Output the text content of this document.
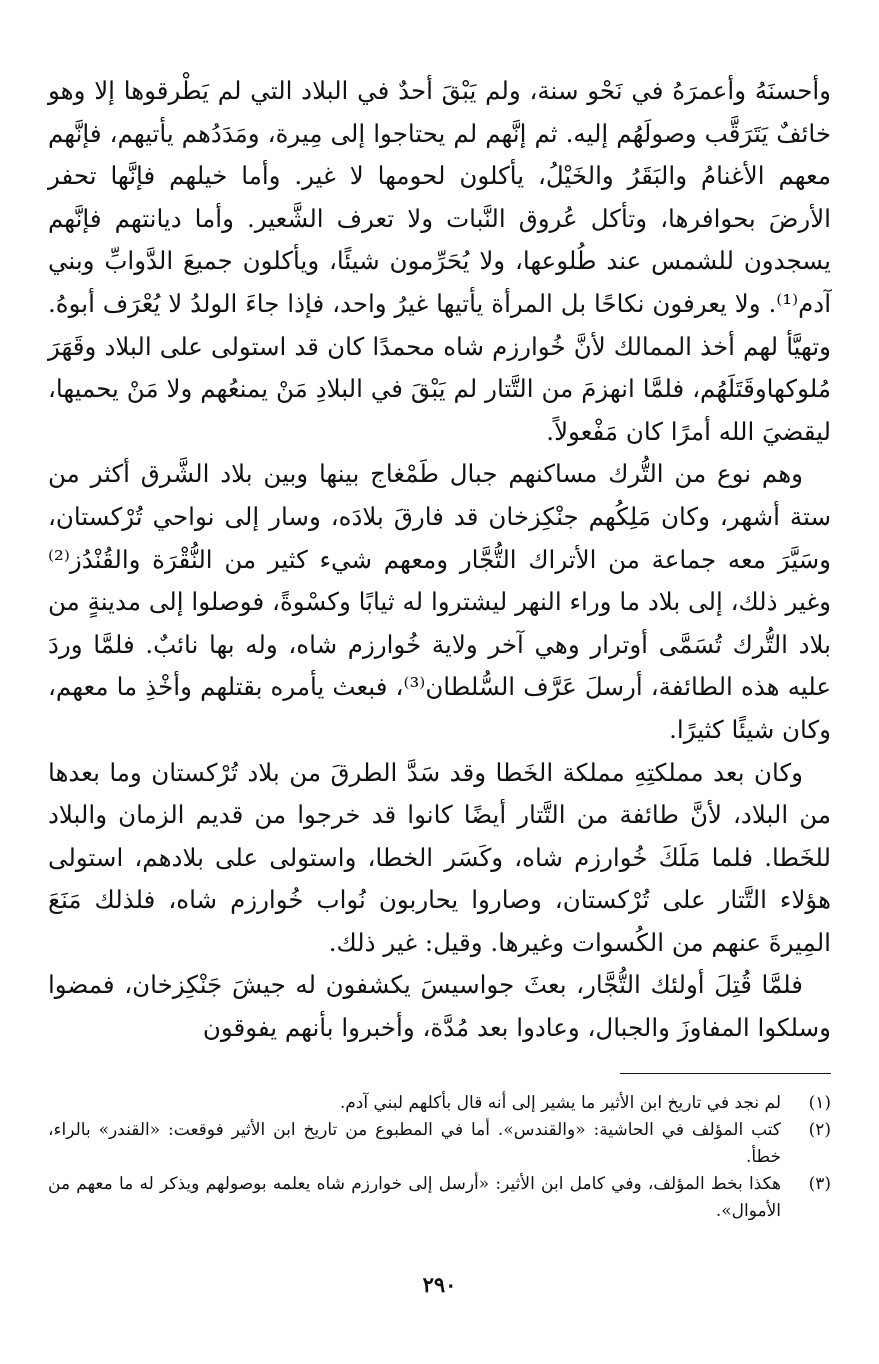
وأحسنَهُ وأعمرَهُ في نَحْو سنة، ولم يَبْقَ أحدٌ في البلاد التي لم يَطْرقوها إلا وهو خائفٌ يَتَرَقَّب وصولَهُم إليه. ثم إنَّهم لم يحتاجوا إلى مِيرة، ومَدَدُهم يأتيهم، فإنَّهم معهم الأغنامُ والبَقَرُ والخَيْلُ، يأكلون لحومها لا غير. وأما خيلهم فإنَّها تحفر الأرضَ بحوافرها، وتأكل عُروق النَّبات ولا تعرف الشَّعير. وأما ديانتهم فإنَّهم يسجدون للشمس عند طُلوعها، ولا يُحَرِّمون شيئًا، ويأكلون جميعَ الدَّوابِّ وبني آدم⁽¹⁾. ولا يعرفون نكاحًا بل المرأة يأتيها غيرُ واحد، فإذا جاءَ الولدُ لا يُعْرَف أبوهُ. وتهيَّأ لهم أخذ الممالك لأنَّ خُوارزم شاه محمدًا كان قد استولى على البلاد وقَهَرَ مُلوكهاوقَتَلَهُم، فلمَّا انهزمَ من التَّتار لم يَبْقَ في البلادِ مَنْ يمنعُهم ولا مَنْ يحميها، ليقضيَ الله أمرًا كان مَفْعولاً.

وهم نوع من التُّرك مساكنهم جبال طَمْغاج بينها وبين بلاد الشَّرق أكثر من ستة أشهر، وكان مَلِكُهم جنْكِزخان قد فارقَ بلادَه، وسار إلى نواحي تُرْكستان، وسَيَّرَ معه جماعة من الأتراك التُّجَّار ومعهم شيء كثير من النُّقْرَة والقُنْدُز⁽²⁾ وغير ذلك، إلى بلاد ما وراء النهر ليشتروا له ثيابًا وكسْوةً، فوصلوا إلى مدينةٍ من بلاد التُّرك تُسَمَّى أوترار وهي آخر ولاية خُوارزم شاه، وله بها نائبٌ. فلمَّا وردَ عليه هذه الطائفة، أرسلَ عَرَّف السُّلطان⁽³⁾، فبعث يأمره بقتلهم وأخْذِ ما معهم، وكان شيئًا كثيرًا.

وكان بعد مملكتِهِ مملكة الخَطا وقد سَدَّ الطرقَ من بلاد تُرْكستان وما بعدها من البلاد، لأنَّ طائفة من التَّتار أيضًا كانوا قد خرجوا من قديم الزمان والبلاد للخَطا. فلما مَلَكَ خُوارزم شاه، وكَسَر الخطا، واستولى على بلادهم، استولى هؤلاء التَّتار على تُرْكستان، وصاروا يحاربون نُواب خُوارزم شاه، فلذلك مَنَعَ المِيرةَ عنهم من الكُسوات وغيرها. وقيل: غير ذلك.

فلمَّا قُتِلَ أولئك التُّجَّار، بعثَ جواسيسَ يكشفون له جيشَ جَنْكِزخان، فمضوا وسلكوا المفاوزَ والجبال، وعادوا بعد مُدَّة، وأخبروا بأنهم يفوقون

(١)
لم نجد في تاريخ ابن الأثير ما يشير إلى أنه قال بأكلهم لبني آدم.
(٢)
كتب المؤلف في الحاشية: «والقندس». أما في المطبوع من تاريخ ابن الأثير فوقعت: «القندر» بالراء، خطأ.
(٣)
هكذا بخط المؤلف، وفي كامل ابن الأثير: «أرسل إلى خوارزم شاه يعلمه بوصولهم ويذكر له ما معهم من الأموال».
٢٩٠
